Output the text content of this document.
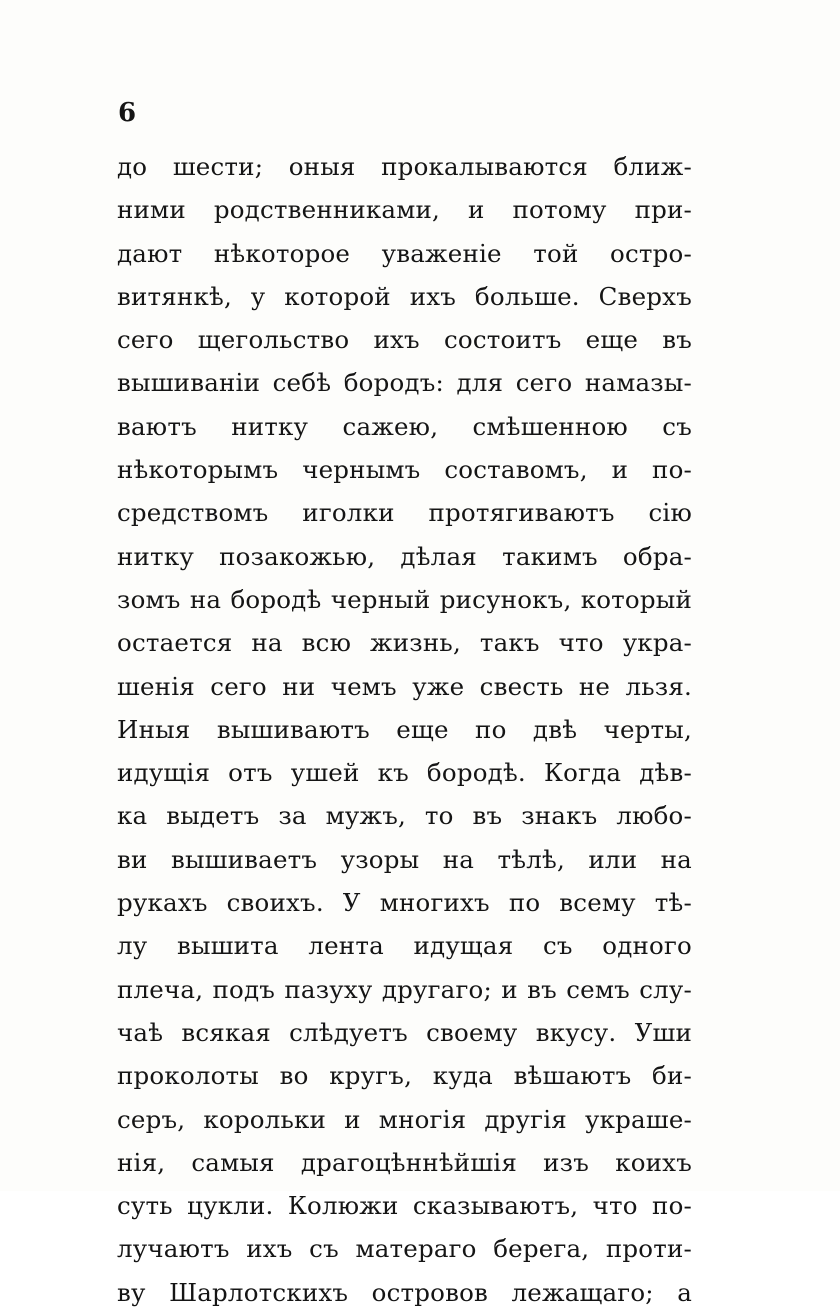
6
до шести; оныя прокалываются ближ-
ними родственниками, и потому при-
дают нѣкоторое уваженіе той остро-
витянкѣ, у которой ихъ больше. Сверхъ
сего щегольство ихъ состоитъ еще въ
вышиваніи себѣ бородъ: для сего намазы-
ваютъ нитку сажею, смѣшенною съ
нѣкоторымъ чернымъ составомъ, и по-
средствомъ иголки протягиваютъ сію
нитку позакожью, дѣлая такимъ обра-
зомъ на бородѣ черный рисунокъ, который
остается на всю жизнь, такъ что укра-
шенія сего ни чемъ уже свесть не льзя.
Иныя вышиваютъ еще по двѣ черты,
идущія отъ ушей къ бородѣ. Когда дѣв-
ка выдетъ за мужъ, то въ знакъ любо-
ви вышиваетъ узоры на тѣлѣ, или на
рукахъ своихъ. У многихъ по всему тѣ-
лу вышита лента идущая съ одного
плеча, подъ пазуху другаго; и въ семъ слу-
чаѣ всякая слѣдуетъ своему вкусу. Уши
проколоты во кругъ, куда вѣшаютъ би-
серъ, корольки и многія другія украше-
нія, самыя драгоцѣннѣйшія изъ коихъ
суть цукли. Колюжи сказываютъ, что по-
лучаютъ ихъ съ матераго берега, проти-
ву Шарлотскихъ островов лежащаго; а
